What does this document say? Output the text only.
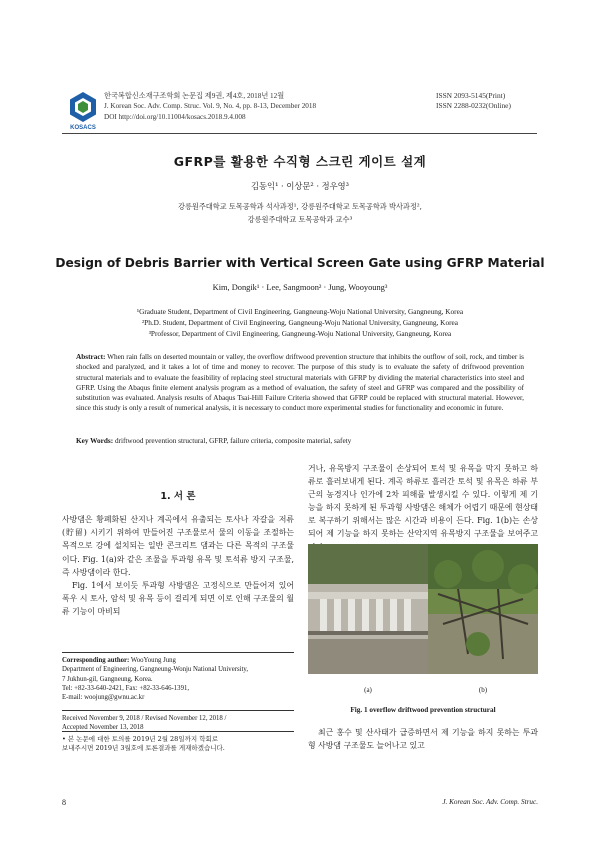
KOSACS
한국복합신소재구조학회 논문집 제9권, 제4호, 2018년 12월
J. Korean Soc. Adv. Comp. Struc. Vol. 9, No. 4, pp. 8-13, December 2018
DOI http://doi.org/10.11004/kosacs.2018.9.4.008
ISSN 2093-5145(Print)
ISSN 2288-0232(Online)
GFRP를 활용한 수직형 스크린 게이트 설계
김동익¹ · 이상문² · 정우영³
강릉원주대학교 토목공학과 석사과정¹, 강릉원주대학교 토목공학과 박사과정²,
강릉원주대학교 토목공학과 교수³
Design of Debris Barrier with Vertical Screen Gate using GFRP Material
Kim, Dongik¹ · Lee, Sangmoon² · Jung, Wooyoung³
¹Graduate Student, Department of Civil Engineering, Gangneung-Woju National University, Gangneung, Korea
²Ph.D. Student, Department of Civil Engineering, Gangneung-Woju National University, Gangneung, Korea
³Professor, Department of Civil Engineering, Gangneung-Woju National University, Gangneung, Korea
Abstract: When rain falls on deserted mountain or valley, the overflow driftwood prevention structure that inhibits the outflow of soil, rock, and timber is shocked and paralyzed, and it takes a lot of time and money to recover. The purpose of this study is to evaluate the safety of driftwood prevention structural materials and to evaluate the feasibility of replacing steel structural materials with GFRP by dividing the material characteristics into steel and GFRP. Using the Abaqus finite element analysis program as a method of evaluation, the safety of steel and GFRP was compared and the possibility of substitution was evaluated. Analysis results of Abaqus Tsai-Hill Failure Criteria showed that GFRP could be replaced with structural material. However, since this study is only a result of numerical analysis, it is necessary to conduct more experimental studies for functionality and economic in future.
Key Words: driftwood prevention structural, GFRP, failure criteria, composite material, safety
1. 서 론

사방댐은 황폐화된 산지나 계곡에서 유출되는 토사나 자갈을 저류(貯留) 시키기 위하여 만들어진 구조물로서 물의 이동을 조절하는 목적으로 강에 설치되는 일반 콘크리트 댐과는 다른 목적의 구조물이다. Fig. 1(a)와 같은 조물을 투과형 유목 및 토석류 방지 구조물, 즉 사방댐이라 한다.

Fig. 1에서 보이듯 투과형 사방댐은 고정식으로 만들어져 있어 폭우 시 토사, 암석 및 유목 등이 걸리게 되면 이로 인해 구조물의 월류 기능이 마비되

Corresponding author: WooYoung Jung
Department of Engineering, Gangneung-Wonju National University,
7 Jukhun-gil, Gangneung, Korea.
Tel: +82-33-640-2421, Fax: +82-33-646-1391,
E-mail: woojung@gwnu.ac.kr
Received November 9, 2018 / Revised November 12, 2018 /
Accepted November 13, 2018
• 본 논문에 대한 토의를 2019년 2월 28일까지 학회로
보내주시면 2019년 3월호에 토론결과를 게재하겠습니다.
거나, 유목방지 구조물이 손상되어 토석 및 유목을 막지 못하고 하류로 흘러보내게 된다. 계곡 하류로 흘러간 토석 및 유목은 하류 부근의 농경지나 인가에 2차 피해를 발생시킬 수 있다. 이렇게 제 기능을 하지 못하게 된 투과형 사방댐은 해체가 어렵기 때문에 현상태로 복구하기 위해서는 많은 시간과 비용이 든다. Fig. 1(b)는 손상되어 제 기능을 하지 못하는 산악지역 유목방지 구조물을 보여주고
(a)	(b)
Fig. 1 overflow driftwood prevention structural
최근 홍수 및 산사태가 급증하면서 제 기능을 하지 못하는 투과형 사방댐 구조물도 늘어나고 있고
8	J. Korean Soc. Adv. Comp. Struc.
